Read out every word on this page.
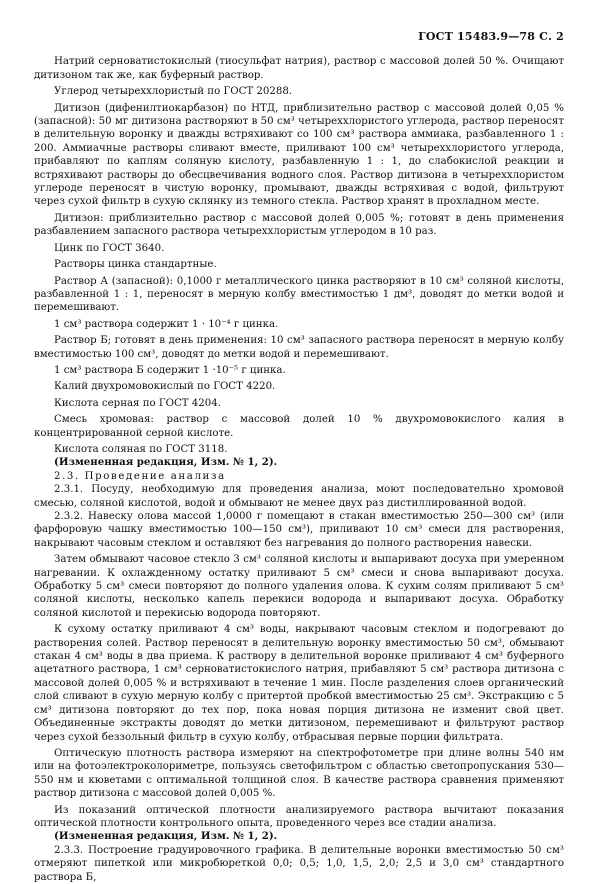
ГОСТ 15483.9—78 С. 2

Натрий серноватистокислый (тиосульфат натрия), раствор с массовой долей 50 %. Очищают дитизоном так же, как буферный раствор.

Углерод четыреххлористый по ГОСТ 20288.

Дитизон (дифенилтиокарбазон) по НТД, приблизительно раствор с массовой долей 0,05 % (запасной): 50 мг дитизона растворяют в 50 см³ четыреххлористого углерода, раствор переносят в делительную воронку и дважды встряхивают со 100 см³ раствора аммиака, разбавленного 1 : 200. Аммиачные растворы сливают вместе, приливают 100 см³ четыреххлористого углерода, прибавляют по каплям соляную кислоту, разбавленную 1 : 1, до слабокислой реакции и встряхивают растворы до обесцвечивания водного слоя. Раствор дитизона в четыреххлористом углероде переносят в чистую воронку, промывают, дважды встряхивая с водой, фильтруют через сухой фильтр в сухую склянку из темного стекла. Раствор хранят в прохладном месте.

Дитизон: приблизительно раствор с массовой долей 0,005 %; готовят в день применения разбавлением запасного раствора четыреххлористым углеродом в 10 раз.

Цинк по ГОСТ 3640.

Растворы цинка стандартные.

Раствор А (запасной): 0,1000 г металлического цинка растворяют в 10 см³ соляной кислоты, разбавленной 1 : 1, переносят в мерную колбу вместимостью 1 дм³, доводят до метки водой и перемешивают.

1 см³ раствора содержит 1 · 10⁻⁴ г цинка.

Раствор Б; готовят в день применения: 10 см³ запасного раствора переносят в мерную колбу вместимостью 100 см³, доводят до метки водой и перемешивают.

1 см³ раствора Б содержит 1 ·10⁻⁵ г цинка.

Калий двухромовокислый по ГОСТ 4220.

Кислота серная по ГОСТ 4204.

Смесь хромовая: раствор с массовой долей 10 % двухромовокислого калия в концентрированной серной кислоте.

Кислота соляная по ГОСТ 3118.

(Измененная редакция, Изм. № 1, 2).

2.3. Проведение анализа

2.3.1. Посуду, необходимую для проведения анализа, моют последовательно хромовой смесью, соляной кислотой, водой и обмывают не менее двух раз дистиллированной водой.

2.3.2. Навеску олова массой 1,0000 г помещают в стакан вместимостью 250—300 см³ (или фарфоровую чашку вместимостью 100—150 см³), приливают 10 см³ смеси для растворения, накрывают часовым стеклом и оставляют без нагревания до полного растворения навески.

Затем обмывают часовое стекло 3 см³ соляной кислоты и выпаривают досуха при умеренном нагревании. К охлажденному остатку приливают 5 см³ смеси и снова выпаривают досуха. Обработку 5 см³ смеси повторяют до полного удаления олова. К сухим солям приливают 5 см³ соляной кислоты, несколько капель перекиси водорода и выпаривают досуха. Обработку соляной кислотой и перекисью водорода повторяют.

К сухому остатку приливают 4 см³ воды, накрывают часовым стеклом и подогревают до растворения солей. Раствор переносят в делительную воронку вместимостью 50 см³, обмывают стакан 4 см³ воды в два приема. К раствору в делительной воронке приливают 4 см³ буферного ацетатного раствора, 1 см³ серноватистокислого натрия, прибавляют 5 см³ раствора дитизона с массовой долей 0,005 % и встряхивают в течение 1 мин. После разделения слоев органический слой сливают в сухую мерную колбу с притертой пробкой вместимостью 25 см³. Экстракцию с 5 см³ дитизона повторяют до тех пор, пока новая порция дитизона не изменит свой цвет. Объединенные экстракты доводят до метки дитизоном, перемешивают и фильтруют раствор через сухой беззольный фильтр в сухую колбу, отбрасывая первые порции фильтрата.

Оптическую плотность раствора измеряют на спектрофотометре при длине волны 540 нм или на фотоэлектроколориметре, пользуясь светофильтром с областью светопропускания 530—550 нм и кюветами с оптимальной толщиной слоя. В качестве раствора сравнения применяют раствор дитизона с массовой долей 0,005 %.

Из показаний оптической плотности анализируемого раствора вычитают показания оптической плотности контрольного опыта, проведенного через все стадии анализа.

(Измененная редакция, Изм. № 1, 2).

2.3.3. Построение градуировочного графика. В делительные воронки вместимостью 50 см³ отмеряют пипеткой или микробюреткой 0,0; 0,5; 1,0, 1,5, 2,0; 2,5 и 3,0 см³ стандартного раствора Б,
